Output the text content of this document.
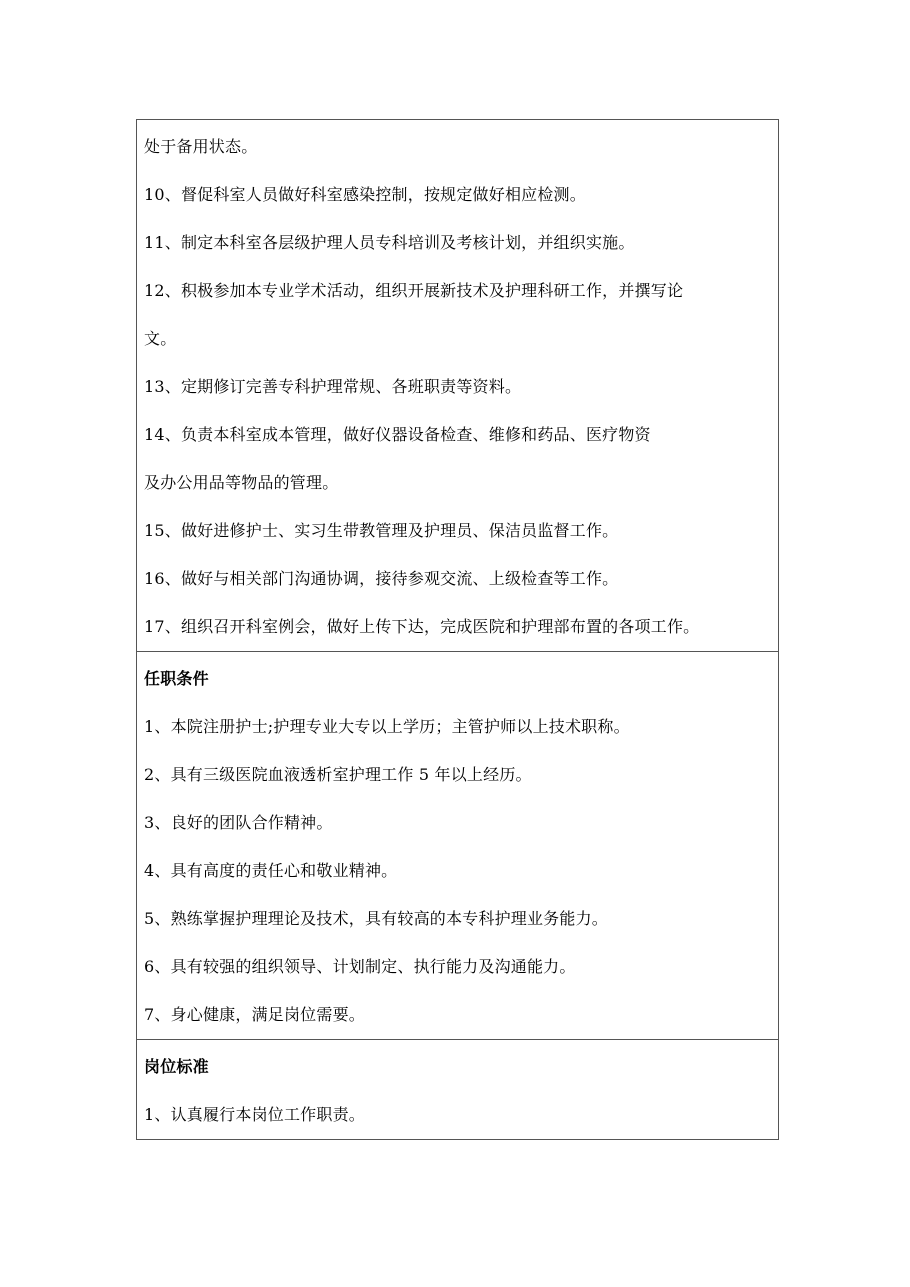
处于备用状态。
10、督促科室人员做好科室感染控制，按规定做好相应检测。
11、制定本科室各层级护理人员专科培训及考核计划，并组织实施。
12、积极参加本专业学术活动，组织开展新技术及护理科研工作，并撰写论
文。
13、定期修订完善专科护理常规、各班职责等资料。
14、负责本科室成本管理，做好仪器设备检查、维修和药品、医疗物资
及办公用品等物品的管理。
15、做好进修护士、实习生带教管理及护理员、保洁员监督工作。
16、做好与相关部门沟通协调，接待参观交流、上级检查等工作。
17、组织召开科室例会，做好上传下达，完成医院和护理部布置的各项工作。

任职条件
1、本院注册护士;护理专业大专以上学历；主管护师以上技术职称。
2、具有三级医院血液透析室护理工作 5 年以上经历。
3、良好的团队合作精神。
4、具有高度的责任心和敬业精神。
5、熟练掌握护理理论及技术，具有较高的本专科护理业务能力。
6、具有较强的组织领导、计划制定、执行能力及沟通能力。
7、身心健康，满足岗位需要。

岗位标准
1、认真履行本岗位工作职责。
